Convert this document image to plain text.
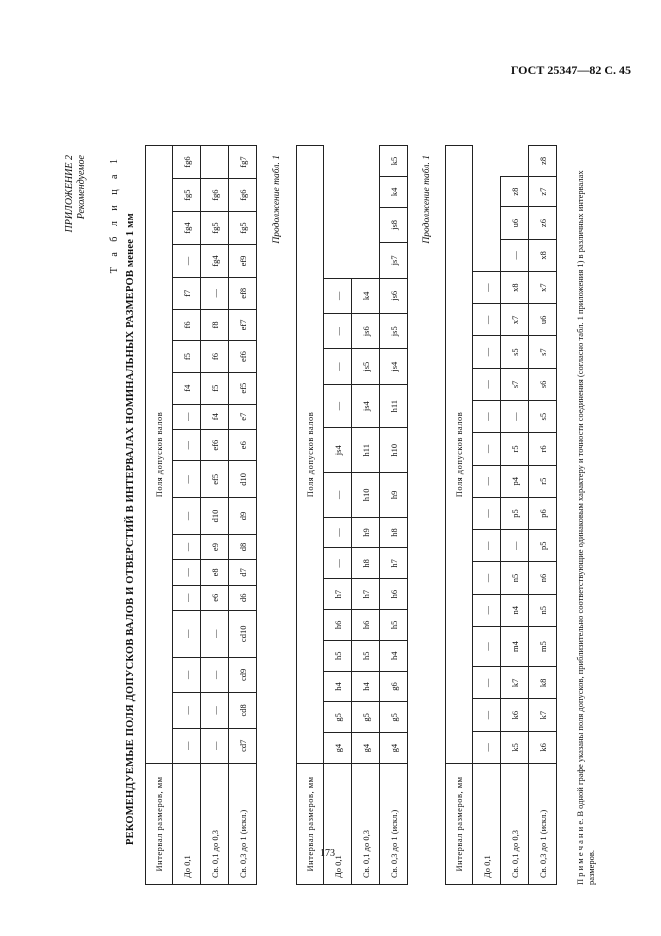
ГОСТ 25347—82 С. 45
173
ПРИЛОЖЕНИЕ 2 Рекомендуемое
РЕКОМЕНДУЕМЫЕ ПОЛЯ ДОПУСКОВ ВАЛОВ И ОТВЕРСТИЙ В ИНТЕРВАЛАХ НОМИНАЛЬНЫХ РАЗМЕРОВ менее 1 мм
Т а б л и ц а 1
Интервал размеров, мм	Поля допусков валов																		
До 0,1	—	—	—	—	—	—	—	—	—	—	—	f4	f5	f6	f7	—	fg4	fg5	fg6
Св. 0,1 до 0,3	—	—	—	—	e6	e8	e9	d10	ef5	ef6	f4	f5	f6	f8	—	fg4	fg5	fg6	
Св. 0,3 до 1 (искл.)	cd7	cd8	cd9	cd10	d6	d7	d8	d9	d10	e6	e7	ef5	ef6	ef7	ef8	ef9	fg5	fg6	fg7	Продолжение табл. 1
Интервал размеров, мм	Поля допусков валов																	
До 0,1	g4	g5	h4	h5	h6	h7	—	—	—	js4	—	—	—	—				
Св. 0,1 до 0,3	g4	g5	h4	h5	h6	h7	h8	h9	h10	h11	js4	js5	js6	k4				
Св. 0,3 до 1 (искл.)	g4	g5	g6	h4	h5	h6	h7	h8	h9	h10	h11	js4	js5	js6	js7	js8	k4	k5 Продолжение табл. 1
Интервал размеров, мм	Поля допусков валов																		
До 0,1	—	—	—	—	—	—	—	—	—	—	—	—	—	—	—				
Св. 0,1 до 0,3	k5	k6	k7	m4	n4	n5	—	p5	p4	r5	—	s7	s5	x7	x8	—	u6	z8	
Св. 0,3 до 1 (искл.)	k6	k7	k8	m5	n5	n6	p5	p6	r5	r6	s5	s6	s7	u6	x7	x8	z6	z7	z8
П р и м е ч а н и е. В одной графе указаны поля допусков, приблизительно соответствующие одинаковым характеру и точности соединения (согласно табл. 1 приложения 1) в различных интервалах размеров.
